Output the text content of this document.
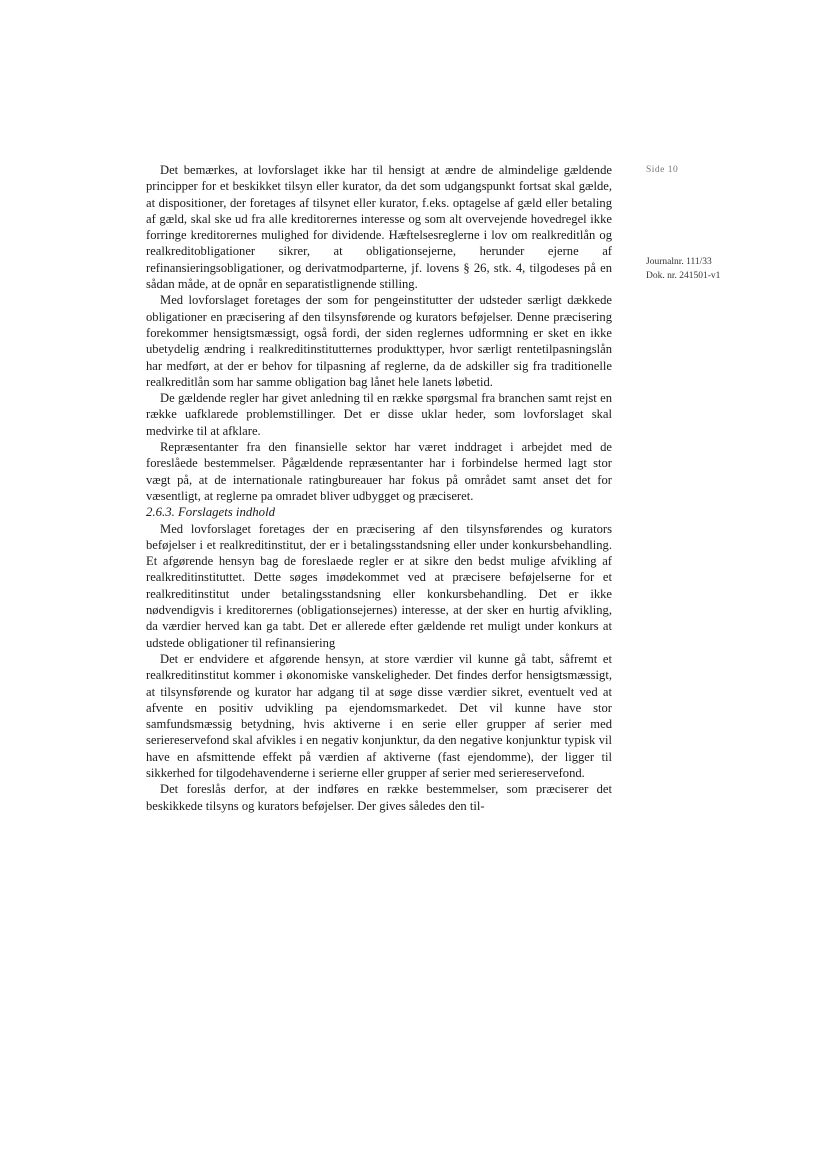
Side 10
Journalnr. 111/33
Dok. nr. 241501-v1

Det bemærkes, at lovforslaget ikke har til hensigt at ændre de almindelige gældende principper for et beskikket tilsyn eller kurator, da det som udgangspunkt fortsat skal gælde, at dispositioner, der foretages af tilsynet eller kurator, f.eks. optagelse af gæld eller betaling af gæld, skal ske ud fra alle kreditorernes interesse og som alt overvejende hovedregel ikke forringe kreditorernes mulighed for dividende. Hæftelsesreglerne i lov om realkreditlån og realkreditobligationer sikrer, at obligationsejerne, herunder ejerne af refinansieringsobligationer, og derivatmodparterne, jf. lovens § 26, stk. 4, tilgodeses på en sådan måde, at de opnår en separatistlignende stilling.

Med lovforslaget foretages der som for pengeinstitutter der udsteder særligt dækkede obligationer en præcisering af den tilsynsførende og kurators beføjelser. Denne præcisering forekommer hensigtsmæssigt, også fordi, der siden reglernes udformning er sket en ikke ubetydelig ændring i realkreditinstitutternes produkttyper, hvor særligt rentetilpasningslån har medført, at der er behov for tilpasning af reglerne, da de adskiller sig fra traditionelle realkreditlån som har samme obligation bag lånet hele lanets løbetid.

De gældende regler har givet anledning til en række spørgsmal fra branchen samt rejst en række uafklarede problemstillinger. Det er disse uklar heder, som lovforslaget skal medvirke til at afklare.

Repræsentanter fra den finansielle sektor har været inddraget i arbejdet med de foreslåede bestemmelser. Pågældende repræsentanter har i forbindelse hermed lagt stor vægt på, at de internationale ratingbureauer har fokus på området samt anset det for væsentligt, at reglerne pa omradet bliver udbygget og præciseret.

2.6.3. Forslagets indhold

Med lovforslaget foretages der en præcisering af den tilsynsførendes og kurators beføjelser i et realkreditinstitut, der er i betalingsstandsning eller under konkursbehandling. Et afgørende hensyn bag de foreslaede regler er at sikre den bedst mulige afvikling af realkreditinstituttet. Dette søges imødekommet ved at præcisere beføjelserne for et realkreditinstitut under betalingsstandsning eller konkursbehandling. Det er ikke nødvendigvis i kreditorernes (obligationsejernes) interesse, at der sker en hurtig afvikling, da værdier herved kan ga tabt. Det er allerede efter gældende ret muligt under konkurs at udstede obligationer til refinansiering

Det er endvidere et afgørende hensyn, at store værdier vil kunne gå tabt, såfremt et realkreditinstitut kommer i økonomiske vanskeligheder. Det findes derfor hensigtsmæssigt, at tilsynsførende og kurator har adgang til at søge disse værdier sikret, eventuelt ved at afvente en positiv udvikling pa ejendomsmarkedet. Det vil kunne have stor samfundsmæssig betydning, hvis aktiverne i en serie eller grupper af serier med seriereservefond skal afvikles i en negativ konjunktur, da den negative konjunktur typisk vil have en afsmittende effekt på værdien af aktiverne (fast ejendomme), der ligger til sikkerhed for tilgodehavenderne i serierne eller grupper af serier med seriereservefond.

Det foreslås derfor, at der indføres en række bestemmelser, som præciserer det beskikkede tilsyns og kurators beføjelser. Der gives således den til-
